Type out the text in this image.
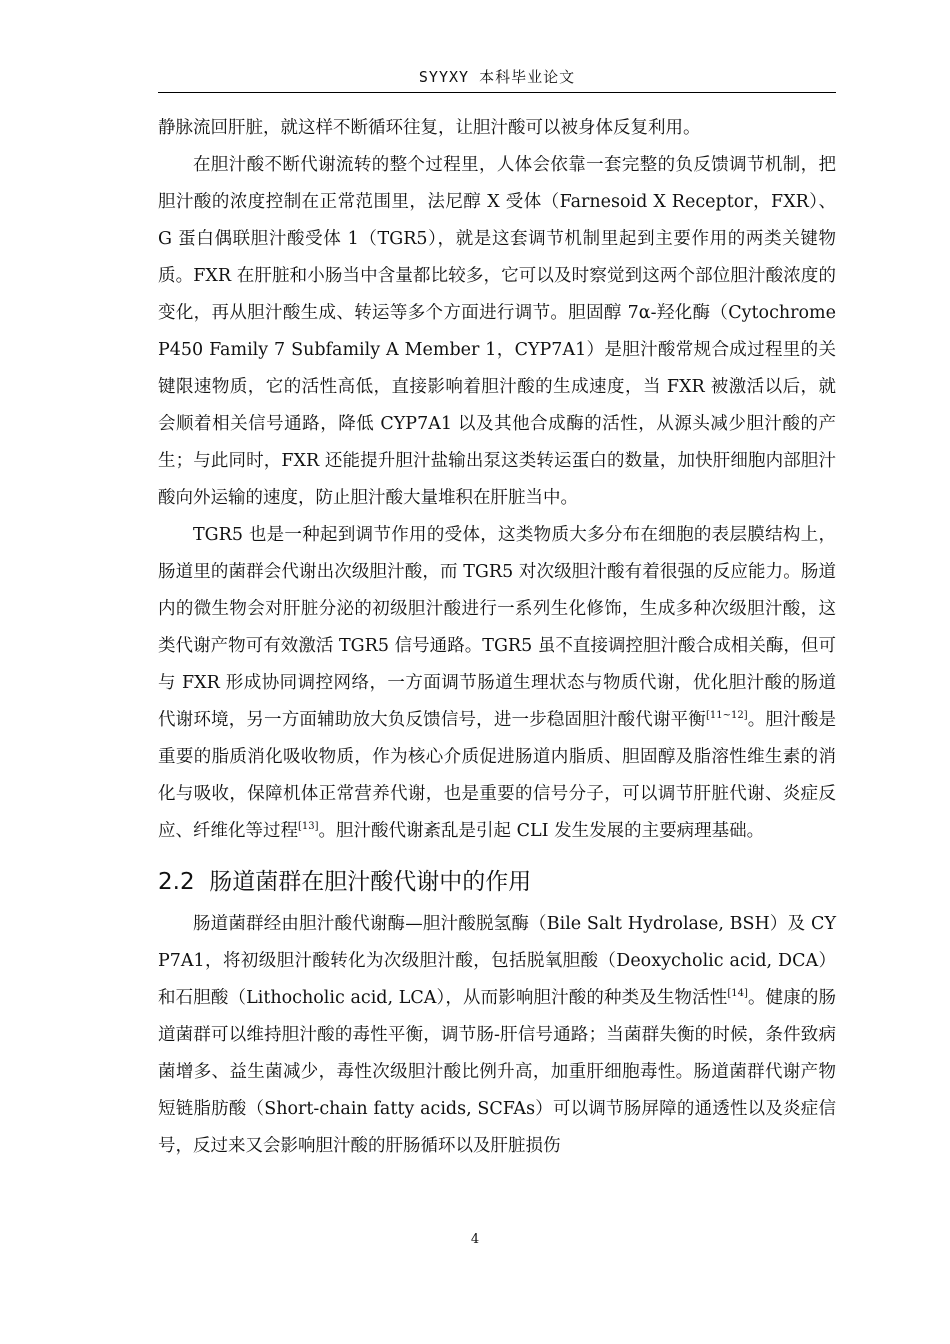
SYYXY 本科毕业论文

静脉流回肝脏，就这样不断循环往复，让胆汁酸可以被身体反复利用。

在胆汁酸不断代谢流转的整个过程里，人体会依靠一套完整的负反馈调节机制，把胆汁酸的浓度控制在正常范围里，法尼醇 X 受体（Farnesoid X Receptor，FXR）、G 蛋白偶联胆汁酸受体 1（TGR5），就是这套调节机制里起到主要作用的两类关键物质。FXR 在肝脏和小肠当中含量都比较多，它可以及时察觉到这两个部位胆汁酸浓度的变化，再从胆汁酸生成、转运等多个方面进行调节。胆固醇 7α-羟化酶（Cytochrome P450 Family 7 Subfamily A Member 1，CYP7A1）是胆汁酸常规合成过程里的关键限速物质，它的活性高低，直接影响着胆汁酸的生成速度，当 FXR 被激活以后，就会顺着相关信号通路，降低 CYP7A1 以及其他合成酶的活性，从源头减少胆汁酸的产生；与此同时，FXR 还能提升胆汁盐输出泵这类转运蛋白的数量，加快肝细胞内部胆汁酸向外运输的速度，防止胆汁酸大量堆积在肝脏当中。

TGR5 也是一种起到调节作用的受体，这类物质大多分布在细胞的表层膜结构上，肠道里的菌群会代谢出次级胆汁酸，而 TGR5 对次级胆汁酸有着很强的反应能力。肠道内的微生物会对肝脏分泌的初级胆汁酸进行一系列生化修饰，生成多种次级胆汁酸，这类代谢产物可有效激活 TGR5 信号通路。TGR5 虽不直接调控胆汁酸合成相关酶，但可与 FXR 形成协同调控网络，一方面调节肠道生理状态与物质代谢，优化胆汁酸的肠道代谢环境，另一方面辅助放大负反馈信号，进一步稳固胆汁酸代谢平衡[11~12]。胆汁酸是重要的脂质消化吸收物质，作为核心介质促进肠道内脂质、胆固醇及脂溶性维生素的消化与吸收，保障机体正常营养代谢，也是重要的信号分子，可以调节肝脏代谢、炎症反应、纤维化等过程[13]。胆汁酸代谢紊乱是引起 CLI 发生发展的主要病理基础。

2.2 肠道菌群在胆汁酸代谢中的作用

肠道菌群经由胆汁酸代谢酶—胆汁酸脱氢酶（Bile Salt Hydrolase, BSH）及 CYP7A1，将初级胆汁酸转化为次级胆汁酸，包括脱氧胆酸（Deoxycholic acid, DCA）和石胆酸（Lithocholic acid, LCA），从而影响胆汁酸的种类及生物活性[14]。健康的肠道菌群可以维持胆汁酸的毒性平衡，调节肠-肝信号通路；当菌群失衡的时候，条件致病菌增多、益生菌减少，毒性次级胆汁酸比例升高，加重肝细胞毒性。肠道菌群代谢产物短链脂肪酸（Short-chain fatty acids, SCFAs）可以调节肠屏障的通透性以及炎症信号，反过来又会影响胆汁酸的肝肠循环以及肝脏损伤

4
